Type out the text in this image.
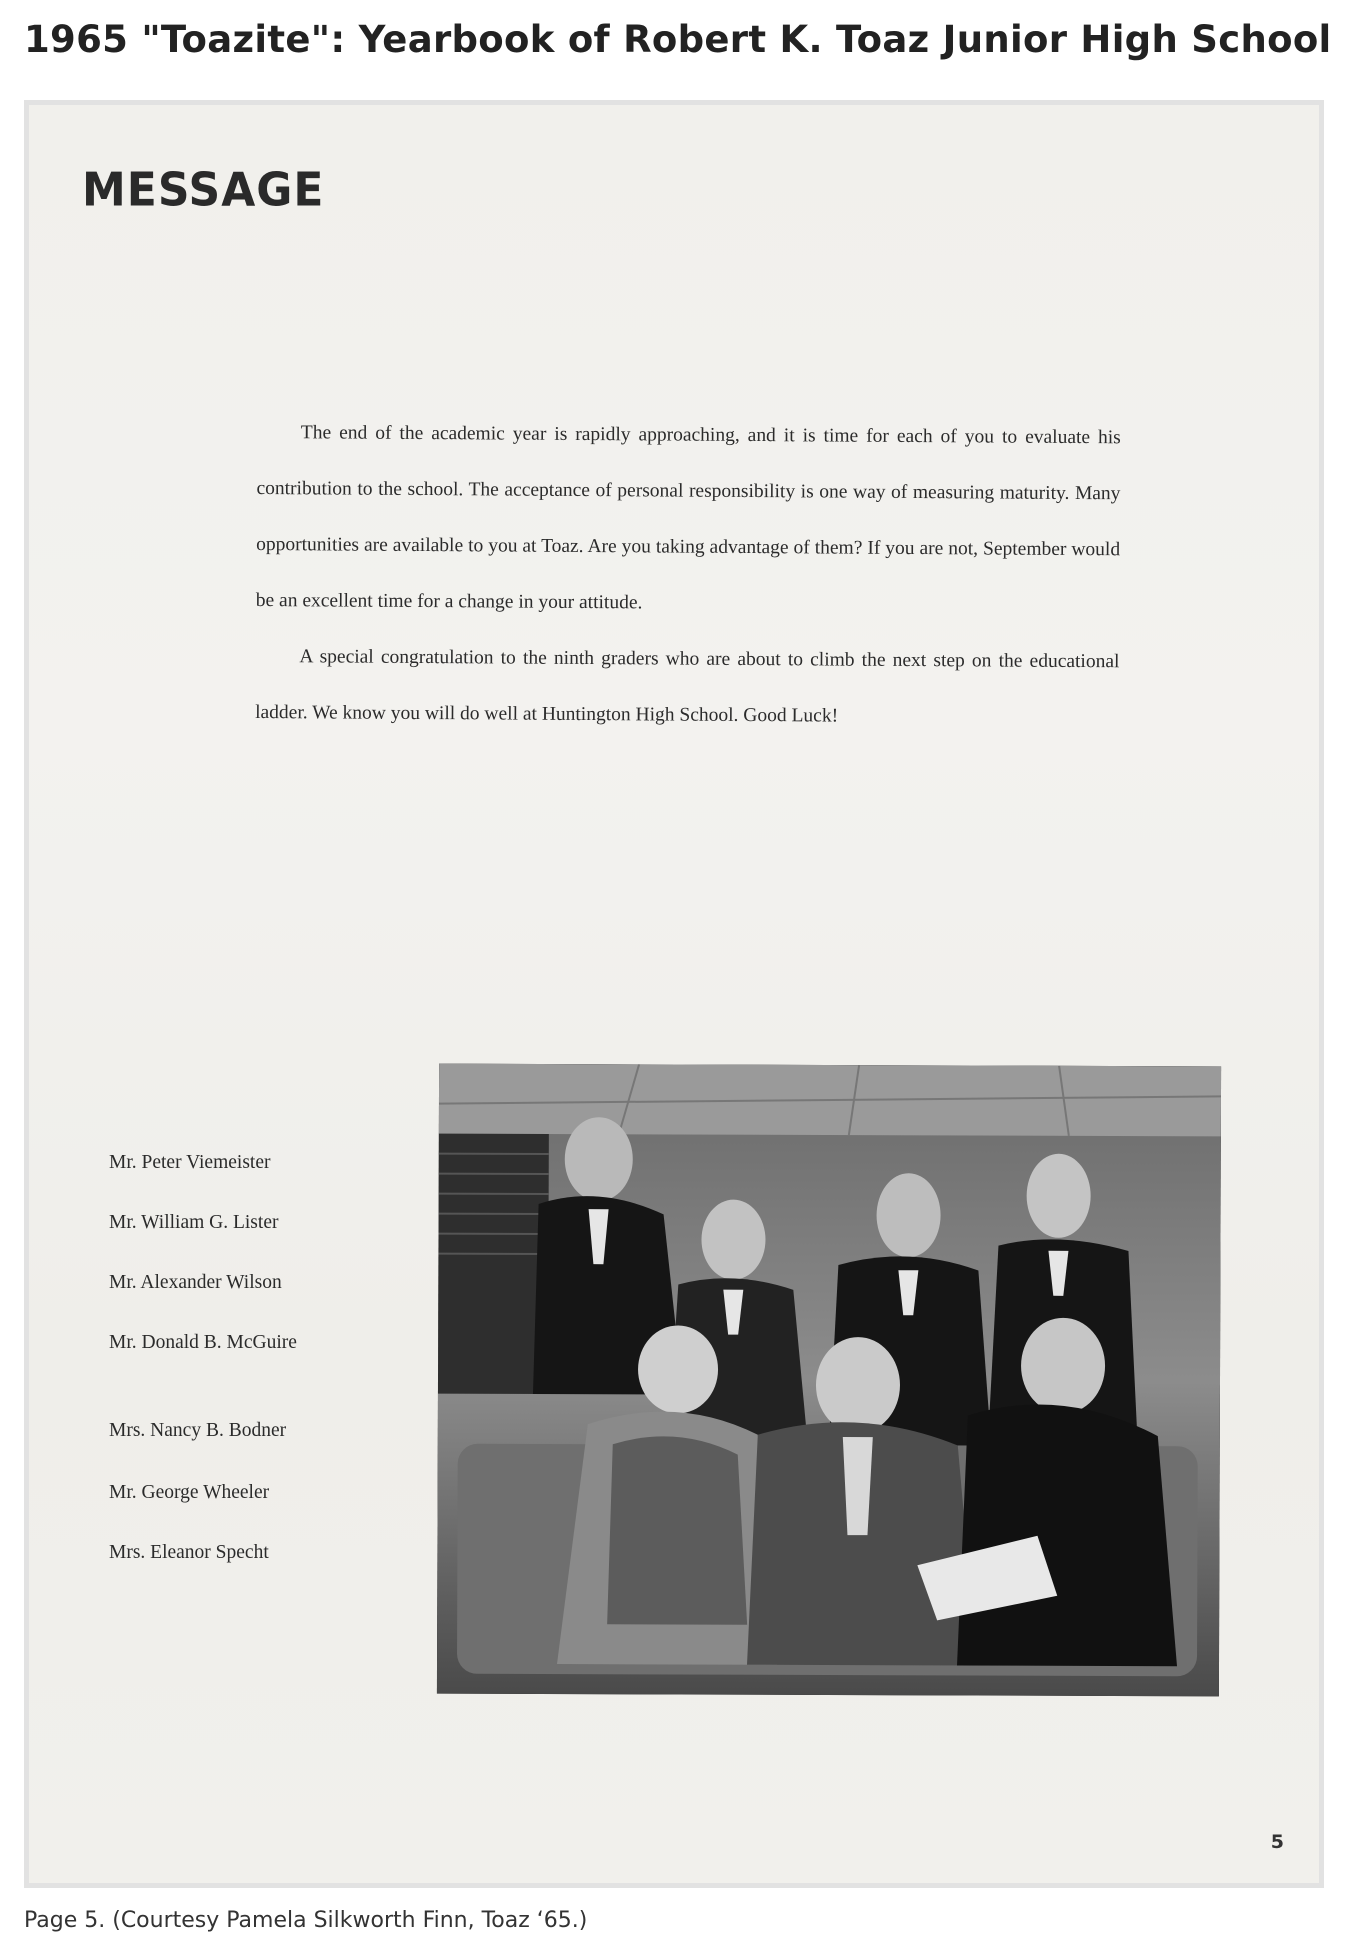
1965 "Toazite": Yearbook of Robert K. Toaz Junior High School
MESSAGE

The end of the academic year is rapidly approaching, and it is time for each of you to evaluate his contribution to the school. The acceptance of personal responsibility is one way of measuring maturity. Many opportunities are available to you at Toaz. Are you taking advantage of them? If you are not, September would be an excellent time for a change in your attitude.

A special congratulation to the ninth graders who are about to climb the next step on the educational ladder. We know you will do well at Huntington High School. Good Luck!

Mr. Peter Viemeister
Mr. William G. Lister
Mr. Alexander Wilson
Mr. Donald B. McGuire
Mrs. Nancy B. Bodner
Mr. George Wheeler
Mrs. Eleanor Specht
5

Page 5. (Courtesy Pamela Silkworth Finn, Toaz ‘65.)
